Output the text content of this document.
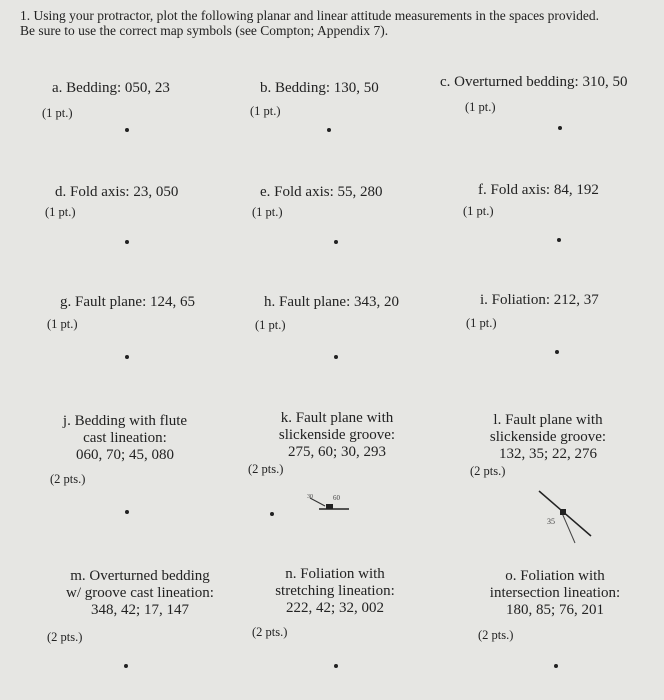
1. Using your protractor, plot the following planar and linear attitude measurements in the spaces provided.
Be sure to use the correct map symbols (see Compton; Appendix 7).
a. Bedding: 050, 23
(1 pt.)
b. Bedding: 130, 50
(1 pt.)
c. Overturned bedding: 310, 50
(1 pt.)
d. Fold axis: 23, 050
(1 pt.)
e. Fold axis: 55, 280
(1 pt.)
f. Fold axis: 84, 192
(1 pt.)
g. Fault plane: 124, 65
(1 pt.)
h. Fault plane: 343, 20
(1 pt.)
i. Foliation: 212, 37
(1 pt.)
j. Bedding with flute
cast lineation:
060, 70; 45, 080
(2 pts.)
k. Fault plane with
slickenside groove:
275, 60; 30, 293
(2 pts.)
30	60
l. Fault plane with
slickenside groove:
132, 35; 22, 276
(2 pts.)
35
m. Overturned bedding
w/ groove cast lineation:
348, 42; 17, 147
(2 pts.)
n. Foliation with
stretching lineation:
222, 42; 32, 002
(2 pts.)
o. Foliation with
intersection lineation:
180, 85; 76, 201
(2 pts.)
